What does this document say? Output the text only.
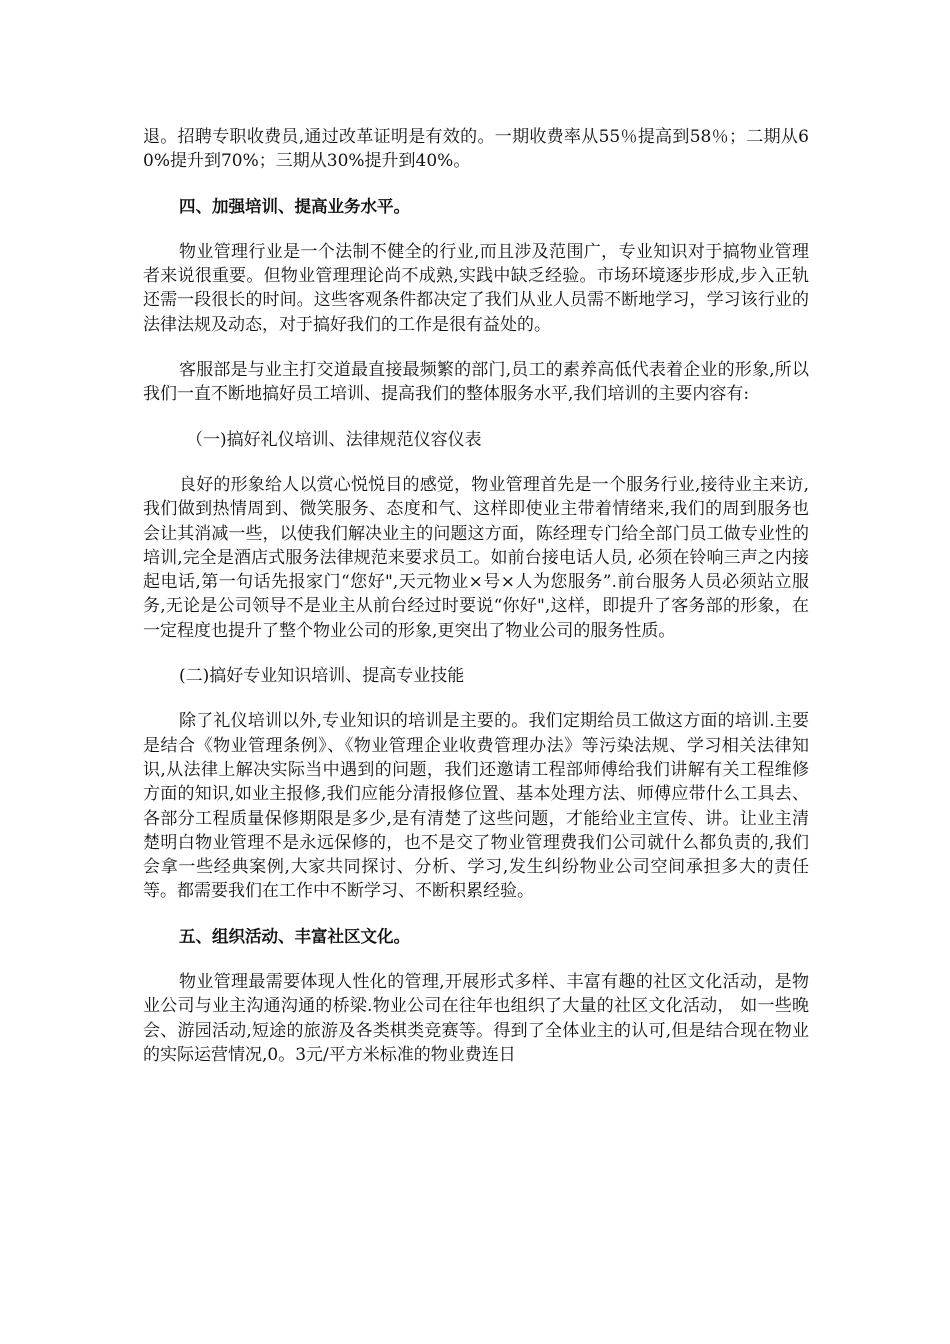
退。招聘专职收费员,通过改革证明是有效的。一期收费率从55％提高到58％；二期从60%提升到70%；三期从30%提升到40%。

四、加强培训、提高业务水平。

物业管理行业是一个法制不健全的行业,而且涉及范围广，专业知识对于搞物业管理者来说很重要。但物业管理理论尚不成熟,实践中缺乏经验。市场环境逐步形成,步入正轨还需一段很长的时间。这些客观条件都决定了我们从业人员需不断地学习，学习该行业的法律法规及动态，对于搞好我们的工作是很有益处的。

客服部是与业主打交道最直接最频繁的部门,员工的素养高低代表着企业的形象,所以我们一直不断地搞好员工培训、提高我们的整体服务水平,我们培训的主要内容有:

（一)搞好礼仪培训、法律规范仪容仪表

良好的形象给人以赏心悦悦目的感觉，物业管理首先是一个服务行业,接待业主来访,我们做到热情周到、微笑服务、态度和气、这样即使业主带着情绪来,我们的周到服务也会让其消减一些，以使我们解决业主的问题这方面，陈经理专门给全部门员工做专业性的培训,完全是酒店式服务法律规范来要求员工。如前台接电话人员, 必须在铃响三声之内接起电话,第一句话先报家门“您好",天元物业×号×人为您服务”.前台服务人员必须站立服务,无论是公司领导不是业主从前台经过时要说“你好",这样，即提升了客务部的形象，在一定程度也提升了整个物业公司的形象,更突出了物业公司的服务性质。

(二)搞好专业知识培训、提高专业技能

除了礼仪培训以外,专业知识的培训是主要的。我们定期给员工做这方面的培训.主要是结合《物业管理条例》、《物业管理企业收费管理办法》等污染法规、学习相关法律知识,从法律上解决实际当中遇到的问题，我们还邀请工程部师傅给我们讲解有关工程维修方面的知识,如业主报修,我们应能分清报修位置、基本处理方法、师傅应带什么工具去、各部分工程质量保修期限是多少,是有清楚了这些问题，才能给业主宣传、讲。让业主清楚明白物业管理不是永远保修的，也不是交了物业管理费我们公司就什么都负责的,我们会拿一些经典案例,大家共同探讨、分析、学习,发生纠纷物业公司空间承担多大的责任等。都需要我们在工作中不断学习、不断积累经验。

五、组织活动、丰富社区文化。

物业管理最需要体现人性化的管理,开展形式多样、丰富有趣的社区文化活动，是物业公司与业主沟通沟通的桥梁.物业公司在往年也组织了大量的社区文化活动， 如一些晚会、游园活动,短途的旅游及各类棋类竞赛等。得到了全体业主的认可,但是结合现在物业的实际运营情况,0。3元/平方米标准的物业费连日
